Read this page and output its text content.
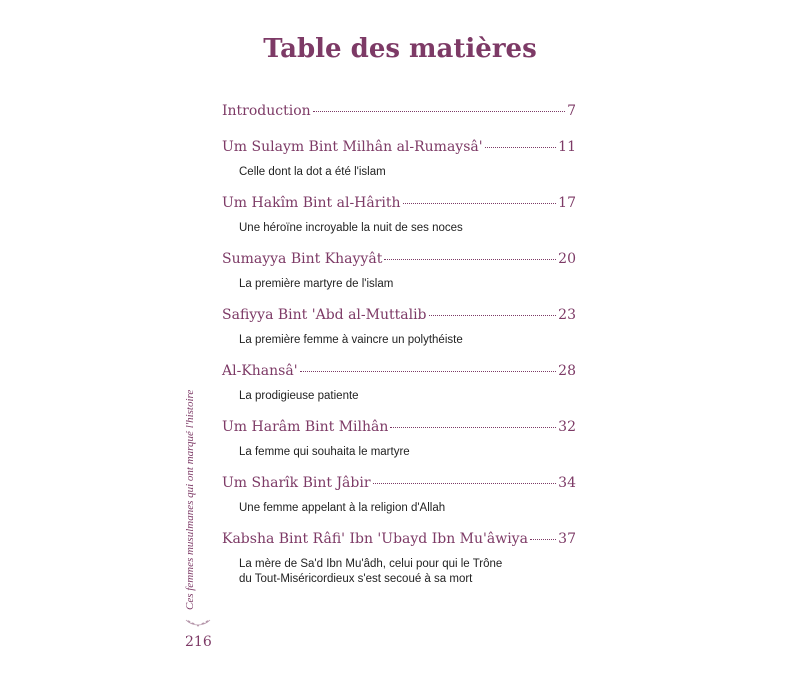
Table des matières
Introduction	7
Um Sulaym Bint Milhân al-Rumaysâ'	11
Celle dont la dot a été l'islam
Um Hakîm Bint al-Hârith	17
Une héroïne incroyable la nuit de ses noces
Sumayya Bint Khayyât	20
La première martyre de l'islam
Safiyya Bint 'Abd al-Muttalib	23
La première femme à vaincre un polythéiste
Al-Khansâ'	28
La prodigieuse patiente
Um Harâm Bint Milhân	32
La femme qui souhaita le martyre
Um Sharîk Bint Jâbir	34
Une femme appelant à la religion d'Allah
Kabsha Bint Râfi' Ibn 'Ubayd Ibn Mu'âwiya 37
La mère de Sa'd Ibn Mu'âdh, celui pour qui le Trône
du Tout-Miséricordieux s'est secoué à sa mort
Ces femmes musulmanes qui ont marqué l'histoire
216
